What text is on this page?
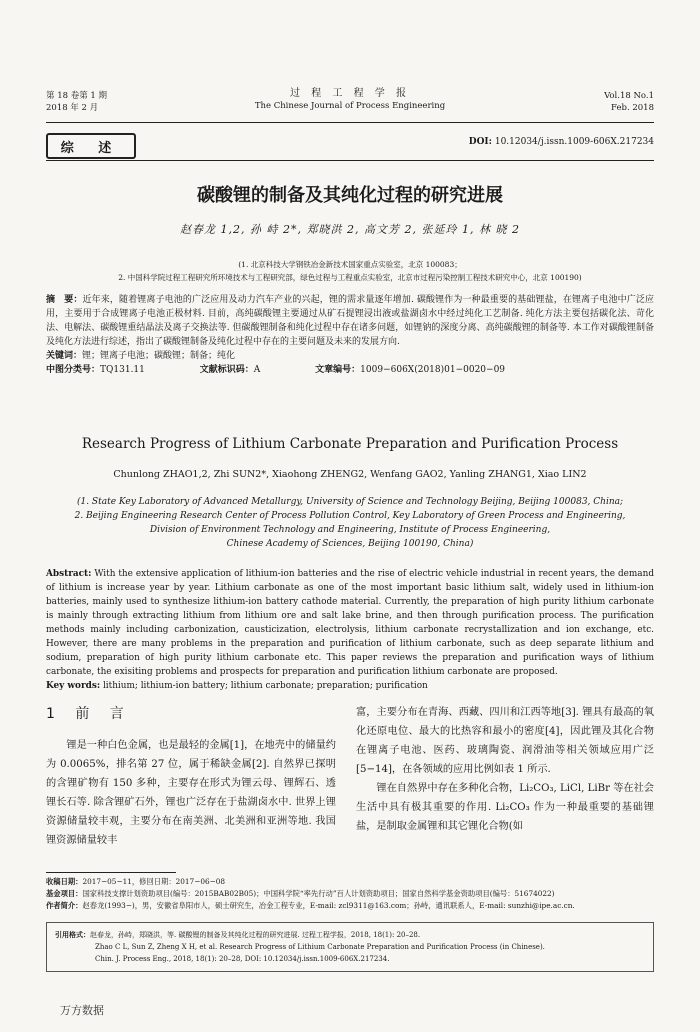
第 18 卷第 1 期
2018 年 2 月
过 程 工 程 学 报
The Chinese Journal of Process Engineering
Vol.18 No.1
Feb. 2018
综 述	DOI: 10.12034/j.issn.1009-606X.217234
碳酸锂的制备及其纯化过程的研究进展
赵春龙 1,2, 孙 峙 2*, 郑晓洪 2, 高文芳 2, 张延玲 1, 林 晓 2
(1. 北京科技大学钢铁冶金新技术国家重点实验室，北京 100083；
2. 中国科学院过程工程研究所环境技术与工程研究部，绿色过程与工程重点实验室，北京市过程污染控制工程技术研究中心，北京 100190)
摘　要：近年来，随着锂离子电池的广泛应用及动力汽车产业的兴起，锂的需求量逐年增加. 碳酸锂作为一种最重要的基础锂盐，在锂离子电池中广泛应用，主要用于合成锂离子电池正极材料. 目前，高纯碳酸锂主要通过从矿石提锂浸出液或盐湖卤水中经过纯化工艺制备. 纯化方法主要包括碳化法、苛化法、电解法、碳酸锂重结晶法及离子交换法等. 但碳酸锂制备和纯化过程中存在诸多问题，如锂钠的深度分离、高纯碳酸锂的制备等. 本工作对碳酸锂制备及纯化方法进行综述，指出了碳酸锂制备及纯化过程中存在的主要问题及未来的发展方向.
关键词：锂；锂离子电池；碳酸锂；制备；纯化
中图分类号：TQ131.11	文献标识码：A	文章编号：1009−606X(2018)01−0020−09
Research Progress of Lithium Carbonate Preparation and Purification Process
Chunlong ZHAO1,2, Zhi SUN2*, Xiaohong ZHENG2, Wenfang GAO2, Yanling ZHANG1, Xiao LIN2
(1. State Key Laboratory of Advanced Metallurgy, University of Science and Technology Beijing, Beijing 100083, China;
2. Beijing Engineering Research Center of Process Pollution Control, Key Laboratory of Green Process and Engineering,
Division of Environment Technology and Engineering, Institute of Process Engineering,
Chinese Academy of Sciences, Beijing 100190, China)
Abstract: With the extensive application of lithium-ion batteries and the rise of electric vehicle industrial in recent years, the demand of lithium is increase year by year. Lithium carbonate as one of the most important basic lithium salt, widely used in lithium-ion batteries, mainly used to synthesize lithium-ion battery cathode material. Currently, the preparation of high purity lithium carbonate is mainly through extracting lithium from lithium ore and salt lake brine, and then through purification process. The purification methods mainly including carbonization, causticization, electrolysis, lithium carbonate recrystallization and ion exchange, etc. However, there are many problems in the preparation and purification of lithium carbonate, such as deep separate lithium and sodium, preparation of high purity lithium carbonate etc. This paper reviews the preparation and purification ways of lithium carbonate, the exisiting problems and prospects for preparation and purification lithium carbonate are proposed.
Key words: lithium; lithium-ion battery; lithium carbonate; preparation; purification
1 前 言

锂是一种白色金属，也是最轻的金属[1]，在地壳中的储量约为 0.0065%，排名第 27 位，属于稀缺金属[2]. 自然界已探明的含锂矿物有 150 多种，主要存在形式为锂云母、锂辉石、透锂长石等. 除含锂矿石外，锂也广泛存在于盐湖卤水中. 世界上锂资源储量较丰观，主要分布在南美洲、北美洲和亚洲等地. 我国锂资源储量较丰

富，主要分布在青海、西藏、四川和江西等地[3]. 锂具有最高的氧化还原电位、最大的比热容和最小的密度[4]，因此锂及其化合物在锂离子电池、医药、玻璃陶瓷、润滑油等相关领域应用广泛[5−14]，在各领域的应用比例如表 1 所示.

锂在自然界中存在多种化合物，Li₂CO₃, LiCl, LiBr 等在社会生活中具有极其重要的作用. Li₂CO₃ 作为一种最重要的基础锂盐，是制取金属锂和其它锂化合物(如

收稿日期：2017−05−11，修回日期：2017−06−08
基金项目：国家科技支撑计划资助项目(编号：2015BAB02B05)；中国科学院“率先行动”百人计划资助项目；国家自然科学基金资助项目(编号：51674022)
作者简介：赵春龙(1993−)，男，安徽省阜阳市人，硕士研究生，冶金工程专业，E-mail: zcl9311@163.com；孙峙，通讯联系人，E-mail: sunzhi@ipe.ac.cn.
引用格式：赵春龙，孙峙，郑晓洪，等. 碳酸锂的制备及其纯化过程的研究进展. 过程工程学报，2018, 18(1): 20–28.
Zhao C L, Sun Z, Zheng X H, et al. Research Progress of Lithium Carbonate Preparation and Purification Process (in Chinese).
Chin. J. Process Eng., 2018, 18(1): 20–28, DOI: 10.12034/j.issn.1009-606X.217234.
万方数据
